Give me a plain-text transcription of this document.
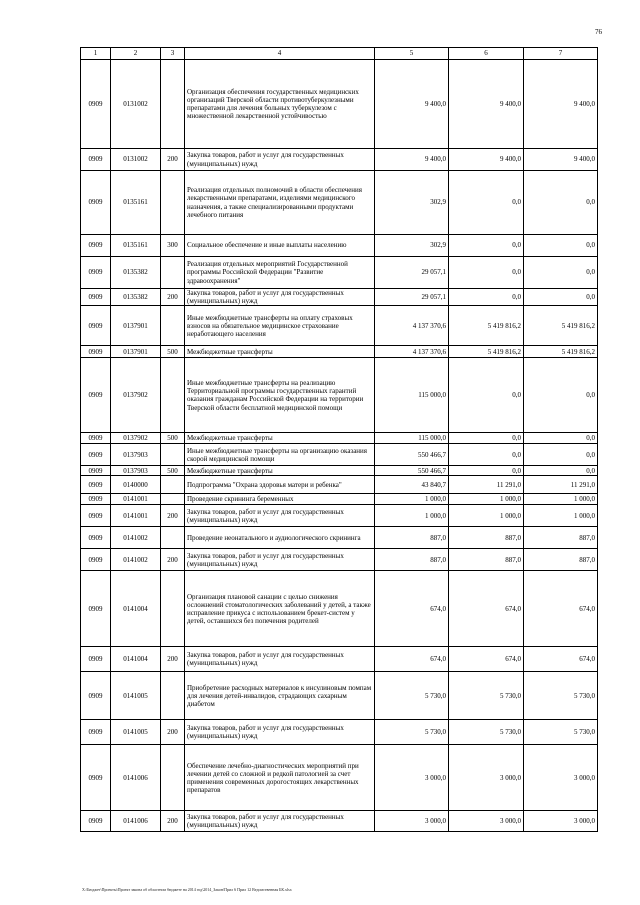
76
1	2	3	4	5	6	7
0909	0131002		Организация обеспечения государственных медицинских организаций Тверской области противотуберкулезными препаратами для лечения больных туберкулезом с множественной лекарственной устойчивостью	9 400,0	9 400,0	9 400,0
0909	0131002	200	Закупка товаров, работ и услуг для государственных (муниципальных) нужд	9 400,0	9 400,0	9 400,0
0909	0135161		Реализация отдельных полномочий в области обеспечения лекарственными препаратами, изделиями медицинского назначения, а также специализированными продуктами лечебного питания	302,9	0,0	0,0
0909	0135161	300	Социальное обеспечение и иные выплаты населению	302,9	0,0	0,0
0909	0135382		Реализация отдельных мероприятий Государственной программы Российской Федерации "Развитие здравоохранения"	29 057,1	0,0	0,0
0909	0135382	200	Закупка товаров, работ и услуг для государственных (муниципальных) нужд	29 057,1	0,0	0,0
0909	0137901		Иные межбюджетные трансферты на оплату страховых взносов на обязательное медицинское страхование неработающего населения	4 137 370,6	5 419 816,2	5 419 816,2
0909	0137901	500	Межбюджетные трансферты	4 137 370,6	5 419 816,2	5 419 816,2
0909	0137902		Иные межбюджетные трансферты на реализацию Территориальной программы государственных гарантий оказания гражданам Российской Федерации на территории Тверской области бесплатной медицинской помощи	115 000,0	0,0	0,0
0909	0137902	500	Межбюджетные трансферты	115 000,0	0,0	0,0
0909	0137903		Иные межбюджетные трансферты на организацию оказания скорой медицинской помощи	550 466,7	0,0	0,0
0909	0137903	500	Межбюджетные трансферты	550 466,7	0,0	0,0
0909	0140000		Подпрограмма "Охрана здоровья матери и ребенка"	43 840,7	11 291,0	11 291,0
0909	0141001		Проведение скрининга беременных	1 000,0	1 000,0	1 000,0
0909	0141001	200	Закупка товаров, работ и услуг для государственных (муниципальных) нужд	1 000,0	1 000,0	1 000,0
0909	0141002		Проведение неонатального и аудиологического скрининга	887,0	887,0	887,0
0909	0141002	200	Закупка товаров, работ и услуг для государственных (муниципальных) нужд	887,0	887,0	887,0
0909	0141004		Организация плановой санации с целью снижения осложнений стоматологических заболеваний у детей, а также исправление прикуса с использованием брекет-систем у детей, оставшихся без попечения родителей	674,0	674,0	674,0
0909	0141004	200	Закупка товаров, работ и услуг для государственных (муниципальных) нужд	674,0	674,0	674,0
0909	0141005		Приобретение расходных материалов к инсулиновым помпам для лечения детей-инвалидов, страдающих сахарным диабетом	5 730,0	5 730,0	5 730,0
0909	0141005	200	Закупка товаров, работ и услуг для государственных (муниципальных) нужд	5 730,0	5 730,0	5 730,0
0909	0141006		Обеспечение лечебно-диагностических мероприятий при лечении детей со сложной и редкой патологией за счет применения современных дорогостоящих лекарственных препаратов	3 000,0	3 000,0	3 000,0
0909	0141006	200	Закупка товаров, работ и услуг для государственных (муниципальных) нужд	3 000,0	3 000,0	3 000,0
X:\Бюджет\Проекты\Проект закона об областном бюджете на 2014 год\2014_Закон\Прил 6 Прил 12 Ведомственная БК.xlsx
